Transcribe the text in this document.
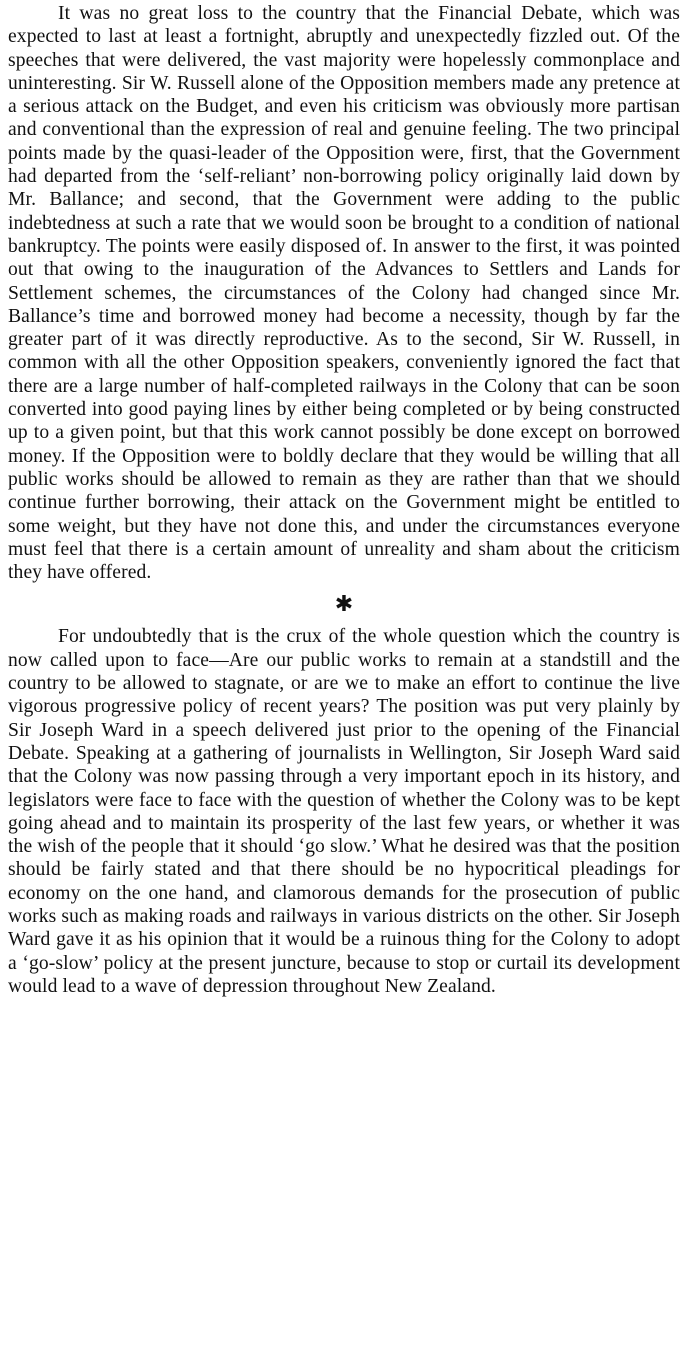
It was no great loss to the country that the Financial Debate, which was expected to last at least a fortnight, abruptly and unexpectedly fizzled out. Of the speeches that were delivered, the vast majority were hopelessly commonplace and uninteresting. Sir W. Russell alone of the Opposition members made any pretence at a serious attack on the Budget, and even his criticism was obviously more partisan and conventional than the expression of real and genuine feeling. The two principal points made by the quasi-leader of the Opposition were, first, that the Government had departed from the ‘self-reliant’ non-borrowing policy originally laid down by Mr. Ballance; and second, that the Government were adding to the public indebtedness at such a rate that we would soon be brought to a condition of national bankruptcy. The points were easily disposed of. In answer to the first, it was pointed out that owing to the inauguration of the Advances to Settlers and Lands for Settlement schemes, the circumstances of the Colony had changed since Mr. Ballance’s time and borrowed money had become a necessity, though by far the greater part of it was directly reproductive. As to the second, Sir W. Russell, in common with all the other Opposition speakers, conveniently ignored the fact that there are a large number of half-completed railways in the Colony that can be soon converted into good paying lines by either being completed or by being constructed up to a given point, but that this work cannot possibly be done except on borrowed money. If the Opposition were to boldly declare that they would be willing that all public works should be allowed to remain as they are rather than that we should continue further borrowing, their attack on the Government might be entitled to some weight, but they have not done this, and under the circumstances everyone must feel that there is a certain amount of unreality and sham about the criticism they have offered.

✱

For undoubtedly that is the crux of the whole question which the country is now called upon to face—Are our public works to remain at a standstill and the country to be allowed to stagnate, or are we to make an effort to continue the live vigorous progressive policy of recent years? The position was put very plainly by Sir Joseph Ward in a speech delivered just prior to the opening of the Financial Debate. Speaking at a gathering of journalists in Wellington, Sir Joseph Ward said that the Colony was now passing through a very important epoch in its history, and legislators were face to face with the question of whether the Colony was to be kept going ahead and to maintain its prosperity of the last few years, or whether it was the wish of the people that it should ‘go slow.’ What he desired was that the position should be fairly stated and that there should be no hypocritical pleadings for economy on the one hand, and clamorous demands for the prosecution of public works such as making roads and railways in various districts on the other. Sir Joseph Ward gave it as his opinion that it would be a ruinous thing for the Colony to adopt a ‘go-slow’ policy at the present juncture, because to stop or curtail its development would lead to a wave of depression throughout New Zealand.
